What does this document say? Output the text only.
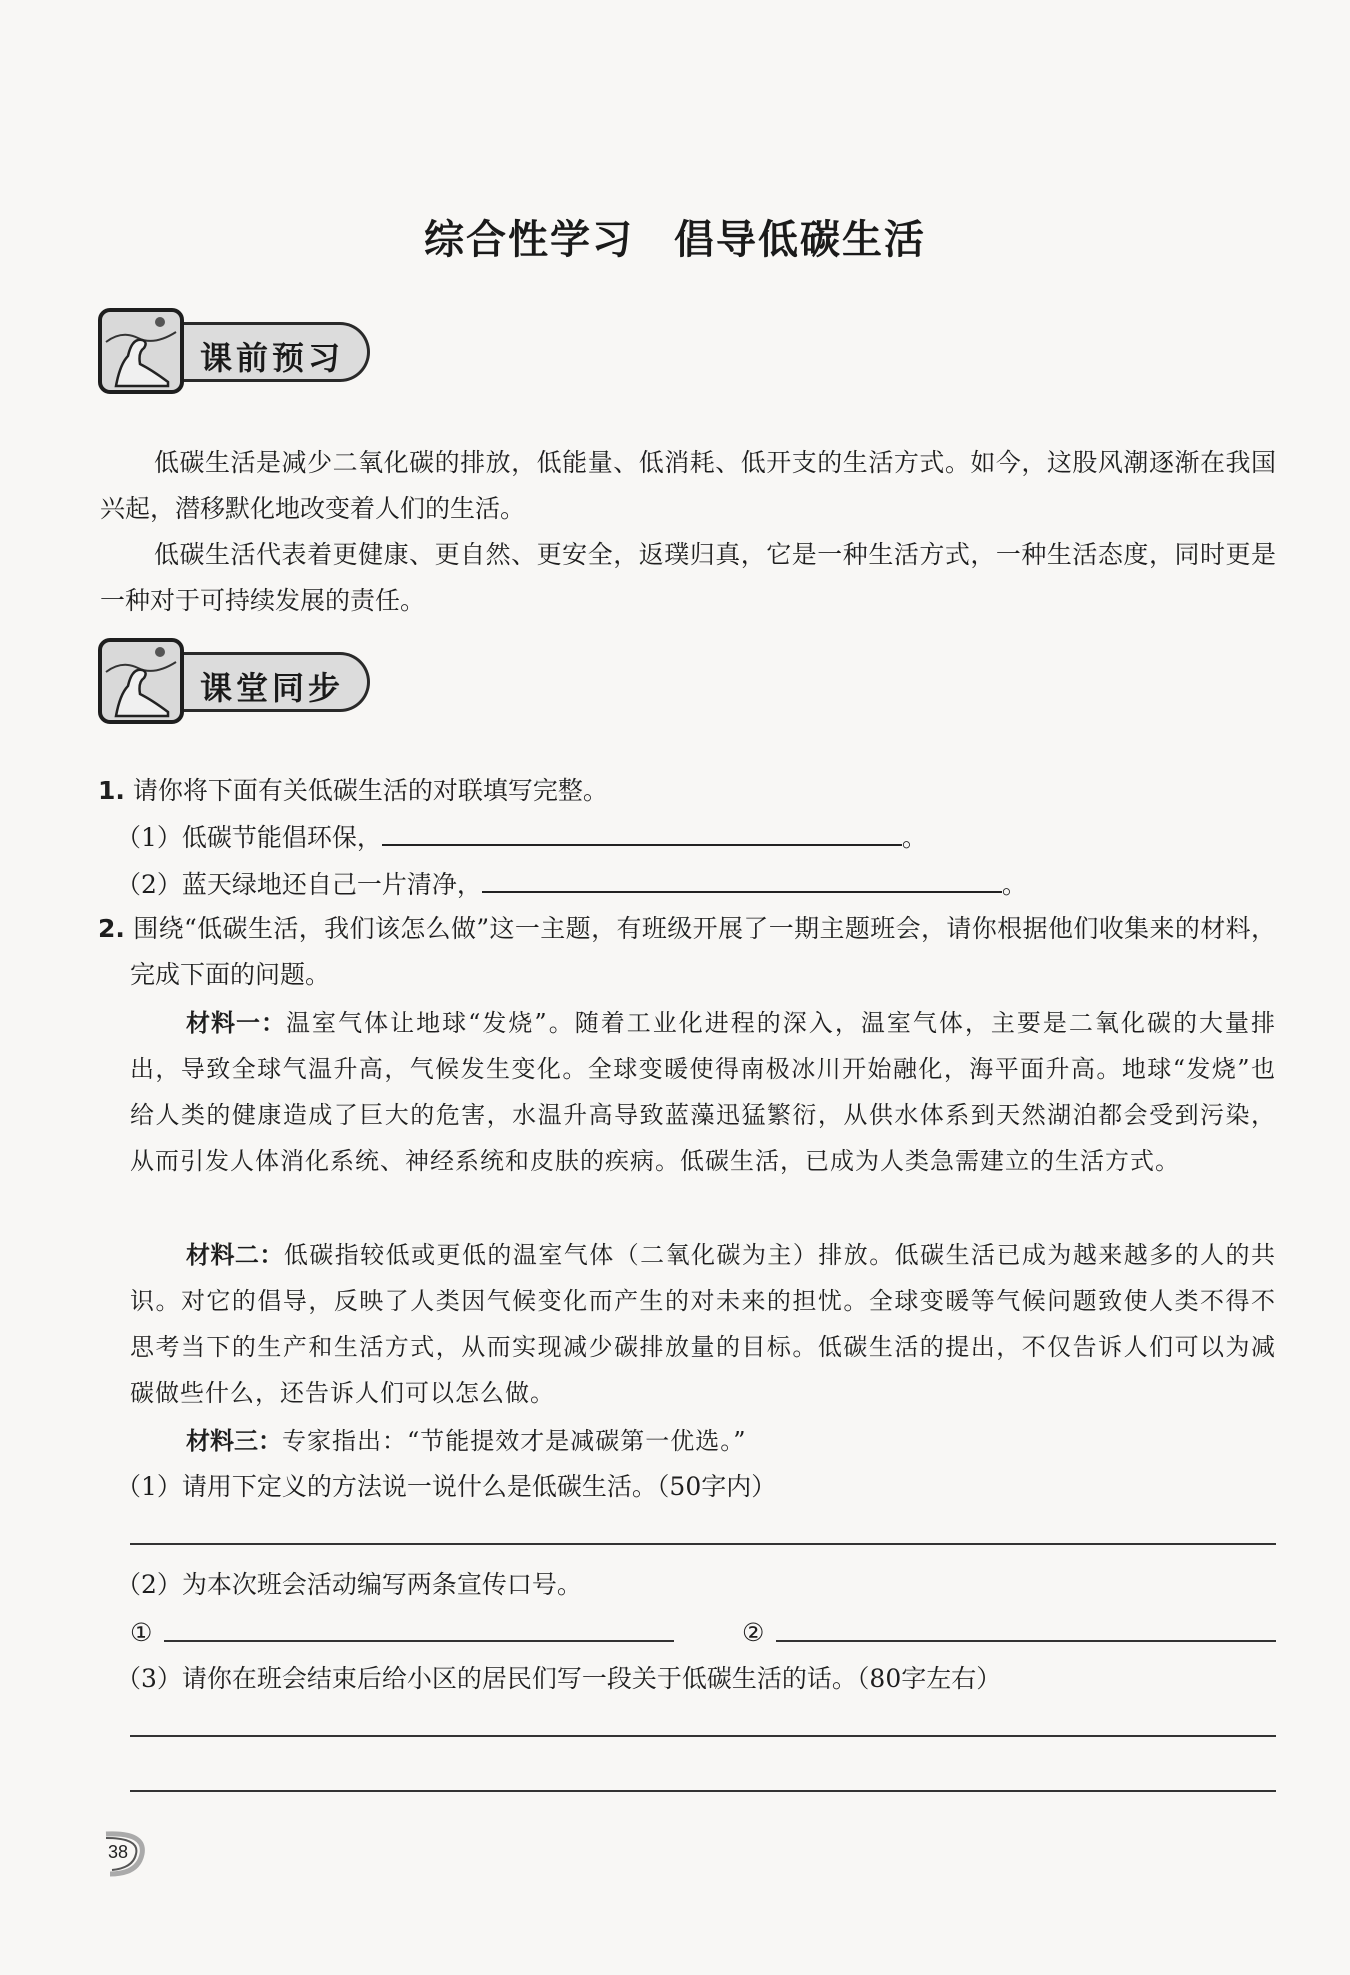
综合性学习 倡导低碳生活
课前预习

低碳生活是减少二氧化碳的排放，低能量、低消耗、低开支的生活方式。如今，这股风潮逐渐在我国兴起，潜移默化地改变着人们的生活。

低碳生活代表着更健康、更自然、更安全，返璞归真，它是一种生活方式，一种生活态度，同时更是一种对于可持续发展的责任。

课堂同步
1. 请你将下面有关低碳生活的对联填写完整。
（1）低碳节能倡环保，	。
（2）蓝天绿地还自己一片清净，	。
2. 围绕“低碳生活，我们该怎么做”这一主题，有班级开展了一期主题班会，请你根据他们收集来的材料，完成下面的问题。

材料一：温室气体让地球“发烧”。随着工业化进程的深入，温室气体，主要是二氧化碳的大量排出，导致全球气温升高，气候发生变化。全球变暖使得南极冰川开始融化，海平面升高。地球“发烧”也给人类的健康造成了巨大的危害，水温升高导致蓝藻迅猛繁衍，从供水体系到天然湖泊都会受到污染，从而引发人体消化系统、神经系统和皮肤的疾病。低碳生活，已成为人类急需建立的生活方式。

材料二：低碳指较低或更低的温室气体（二氧化碳为主）排放。低碳生活已成为越来越多的人的共识。对它的倡导，反映了人类因气候变化而产生的对未来的担忧。全球变暖等气候问题致使人类不得不思考当下的生产和生活方式，从而实现减少碳排放量的目标。低碳生活的提出，不仅告诉人们可以为减碳做些什么，还告诉人们可以怎么做。

材料三：专家指出：“节能提效才是减碳第一优选。”

（1）请用下定义的方法说一说什么是低碳生活。（50字内）
（2）为本次班会活动编写两条宣传口号。
①	②
（3）请你在班会结束后给小区的居民们写一段关于低碳生活的话。（80字左右）
38
